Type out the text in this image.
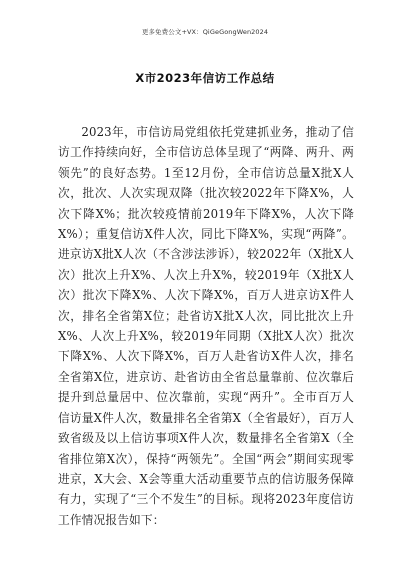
更多免费公文+VX：QiGeGongWen2024
X市2023年信访工作总结

2023年，市信访局党组依托党建抓业务，推动了信访工作持续向好，全市信访总体呈现了“两降、两升、两领先”的良好态势。1至12月份，全市信访总量X批X人次，批次、人次实现双降（批次较2022年下降X%，人次下降X%；批次较疫情前2019年下降X%，人次下降X%）；重复信访X件人次，同比下降X%，实现“两降”。进京访X批X人次（不含涉法涉诉），较2022年（X批X人次）批次上升X%、人次上升X%，较2019年（X批X人次）批次下降X%、人次下降X%，百万人进京访X件人次，排名全省第X位；赴省访X批X人次，同比批次上升X%、人次上升X%，较2019年同期（X批X人次）批次下降X%、人次下降X%，百万人赴省访X件人次，排名全省第X位，进京访、赴省访由全省总量靠前、位次靠后提升到总量居中、位次靠前，实现“两升”。全市百万人信访量X件人次，数量排名全省第X（全省最好），百万人致省级及以上信访事项X件人次，数量排名全省第X（全省排位第X次），保持“两领先”。全国“两会”期间实现零进京，X大会、X会等重大活动重要节点的信访服务保障有力，实现了“三个不发生”的目标。现将2023年度信访工作情况报告如下：
